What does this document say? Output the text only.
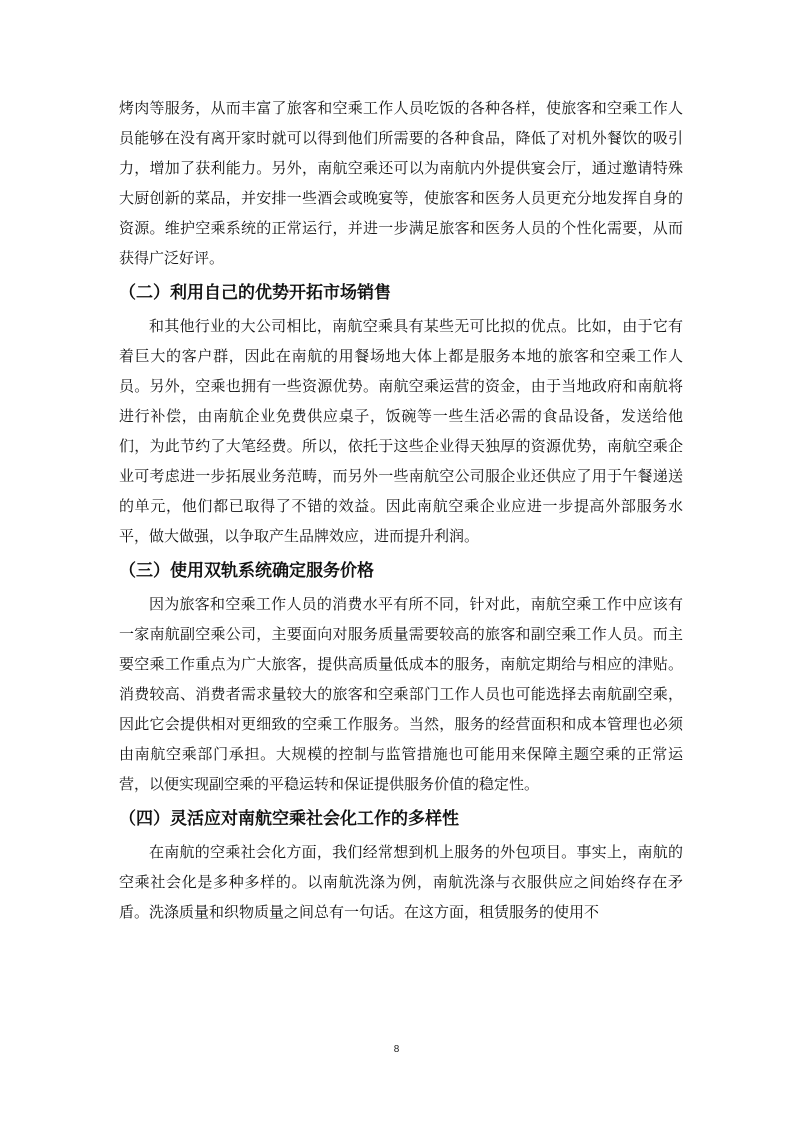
烤肉等服务，从而丰富了旅客和空乘工作人员吃饭的各种各样，使旅客和空乘工作人员能够在没有离开家时就可以得到他们所需要的各种食品，降低了对机外餐饮的吸引力，增加了获利能力。另外，南航空乘还可以为南航内外提供宴会厅，通过邀请特殊大厨创新的菜品，并安排一些酒会或晚宴等，使旅客和医务人员更充分地发挥自身的资源。维护空乘系统的正常运行，并进一步满足旅客和医务人员的个性化需要，从而获得广泛好评。

（二）利用自己的优势开拓市场销售

和其他行业的大公司相比，南航空乘具有某些无可比拟的优点。比如，由于它有着巨大的客户群，因此在南航的用餐场地大体上都是服务本地的旅客和空乘工作人员。另外，空乘也拥有一些资源优势。南航空乘运营的资金，由于当地政府和南航将进行补偿，由南航企业免费供应桌子，饭碗等一些生活必需的食品设备，发送给他们，为此节约了大笔经费。所以，依托于这些企业得天独厚的资源优势，南航空乘企业可考虑进一步拓展业务范畴，而另外一些南航空公司服企业还供应了用于午餐递送的单元，他们都已取得了不错的效益。因此南航空乘企业应进一步提高外部服务水平，做大做强，以争取产生品牌效应，进而提升利润。

（三）使用双轨系统确定服务价格

因为旅客和空乘工作人员的消费水平有所不同，针对此，南航空乘工作中应该有一家南航副空乘公司，主要面向对服务质量需要较高的旅客和副空乘工作人员。而主要空乘工作重点为广大旅客，提供高质量低成本的服务，南航定期给与相应的津贴。消费较高、消费者需求量较大的旅客和空乘部门工作人员也可能选择去南航副空乘，因此它会提供相对更细致的空乘工作服务。当然，服务的经营面积和成本管理也必须由南航空乘部门承担。大规模的控制与监管措施也可能用来保障主题空乘的正常运营，以便实现副空乘的平稳运转和保证提供服务价值的稳定性。

（四）灵活应对南航空乘社会化工作的多样性

在南航的空乘社会化方面，我们经常想到机上服务的外包项目。事实上，南航的空乘社会化是多种多样的。以南航洗涤为例，南航洗涤与衣服供应之间始终存在矛盾。洗涤质量和织物质量之间总有一句话。在这方面，租赁服务的使用不

8
